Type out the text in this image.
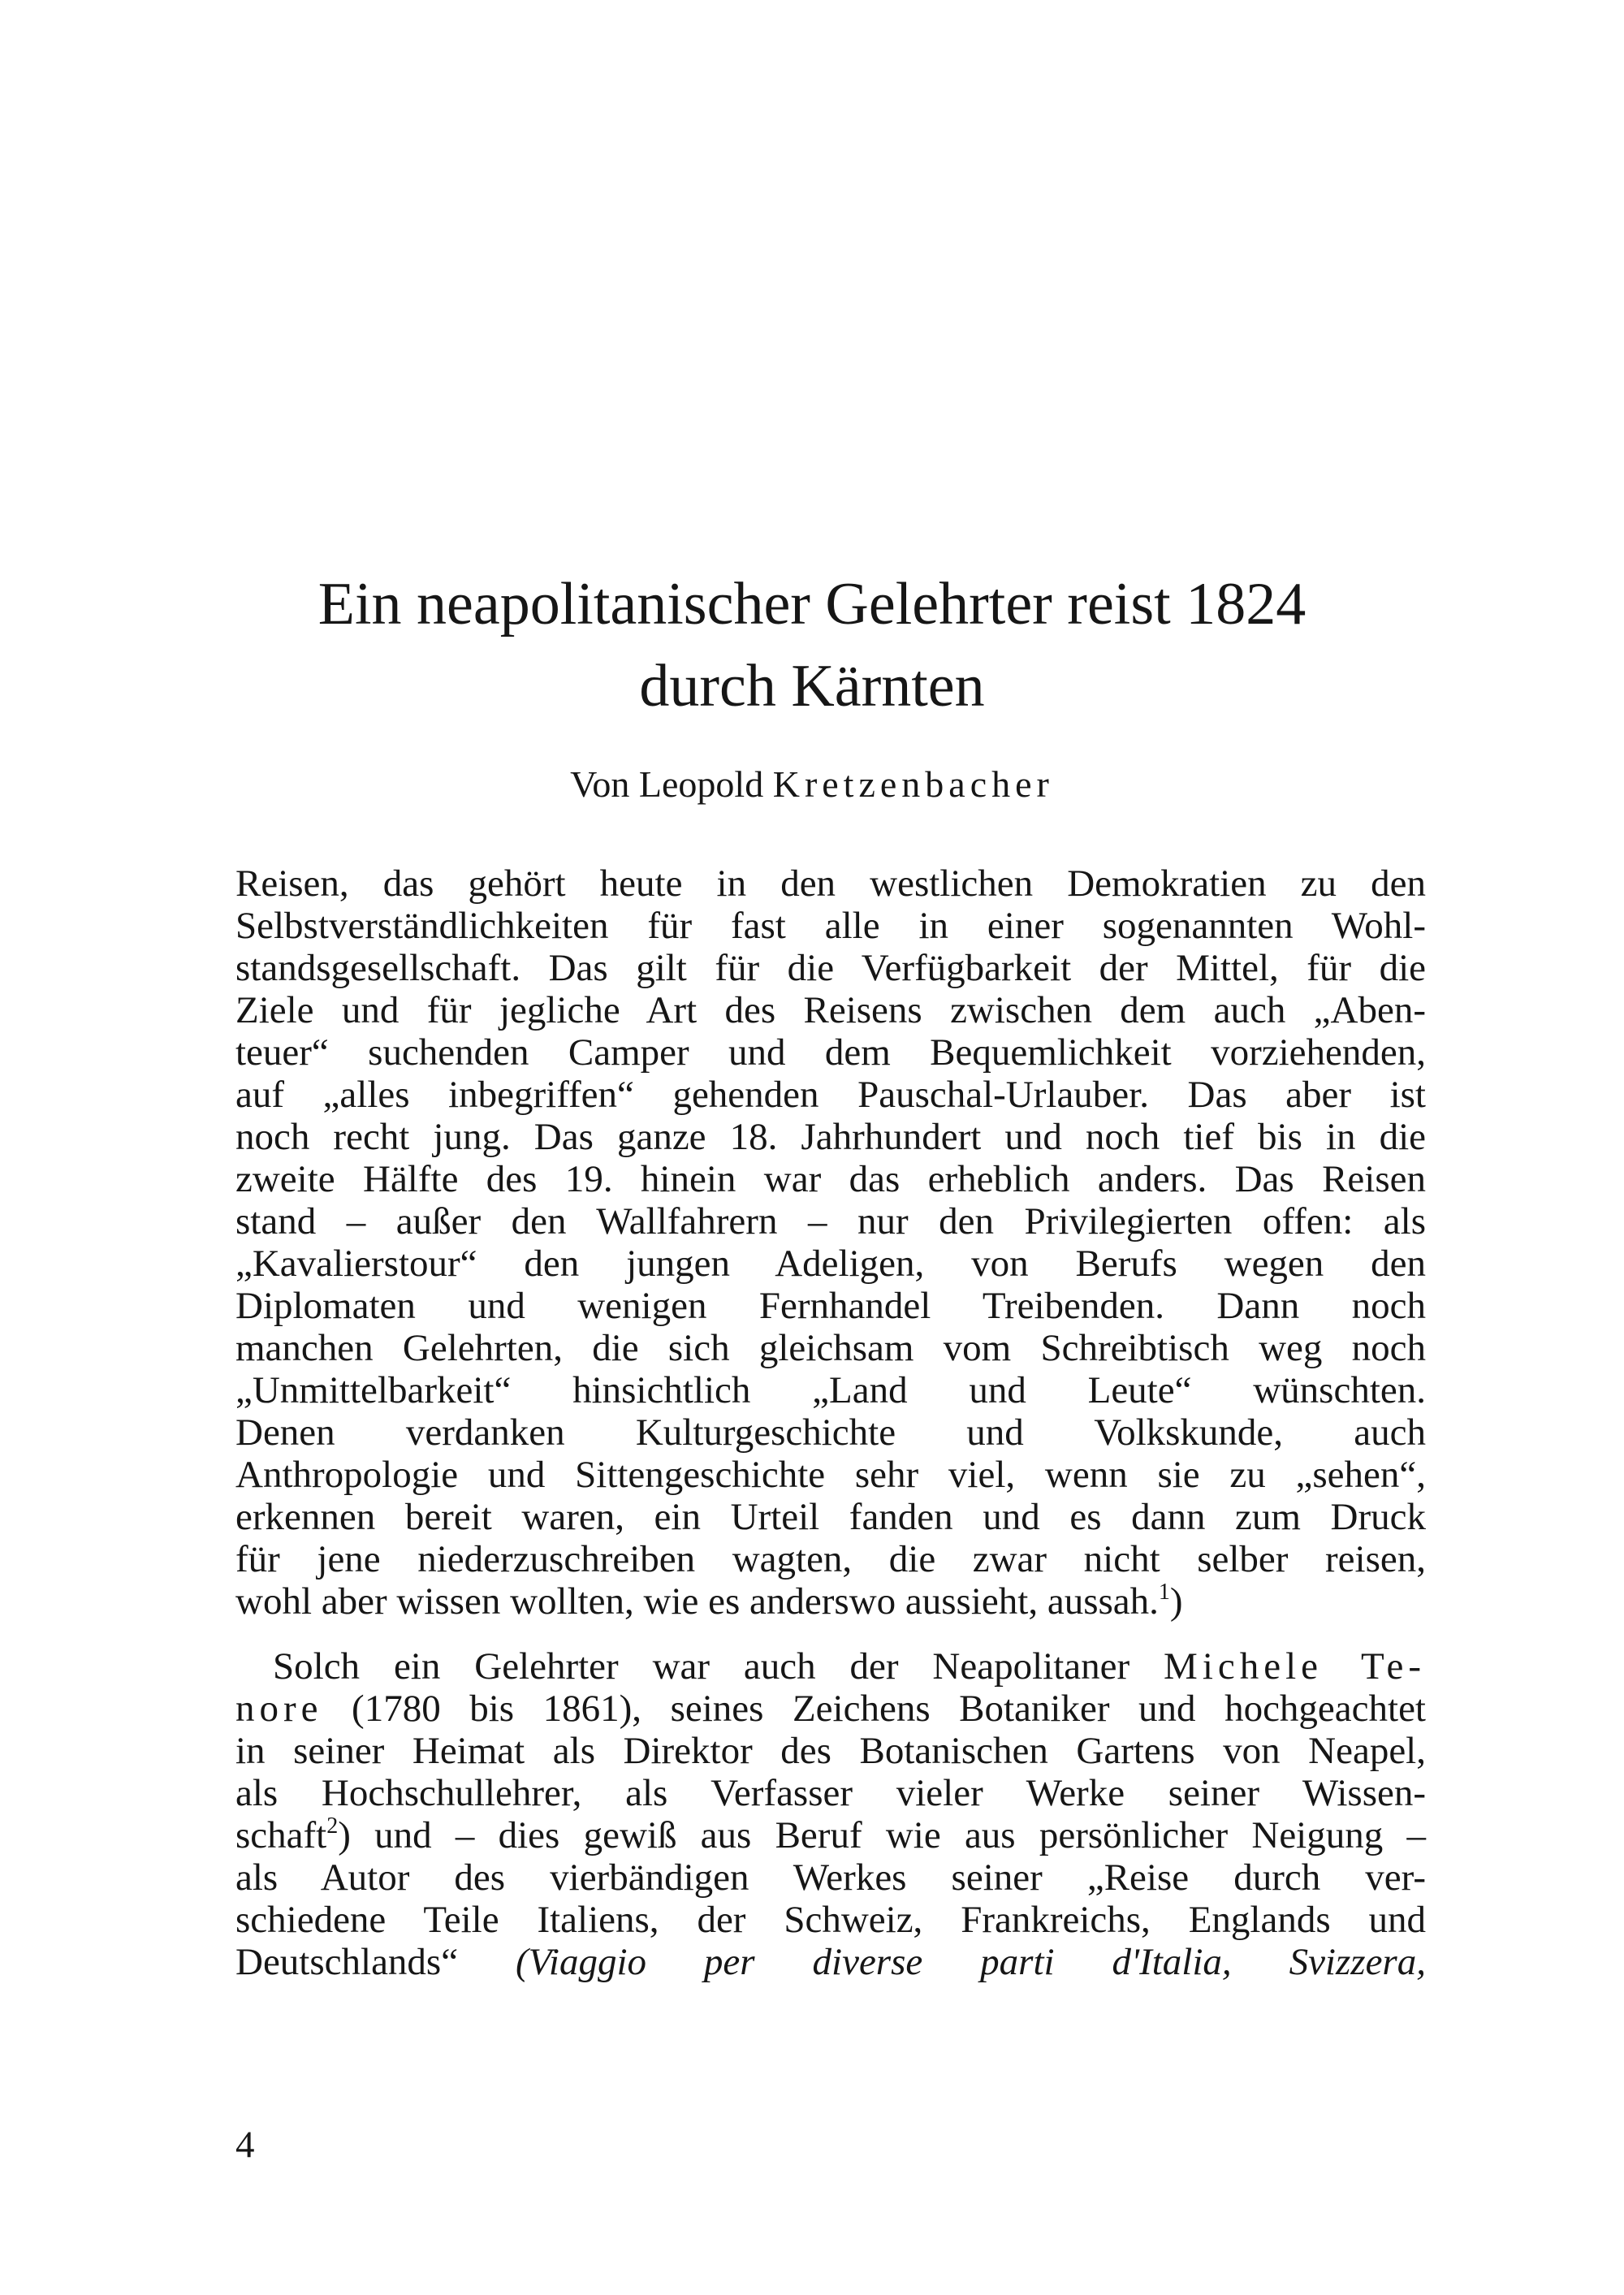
Ein neapolitanischer Gelehrter reist 1824
durch Kärnten
Von Leopold Kretzenbacher
Reisen, das gehört heute in den westlichen Demokratien zu den
Selbstverständlichkeiten für fast alle in einer sogenannten Wohl-
standsgesellschaft. Das gilt für die Verfügbarkeit der Mittel, für die
Ziele und für jegliche Art des Reisens zwischen dem auch „Aben-
teuer“ suchenden Camper und dem Bequemlichkeit vorziehenden,
auf „alles inbegriffen“ gehenden Pauschal-Urlauber. Das aber ist
noch recht jung. Das ganze 18. Jahrhundert und noch tief bis in die
zweite Hälfte des 19. hinein war das erheblich anders. Das Reisen
stand – außer den Wallfahrern – nur den Privilegierten offen: als
„Kavalierstour“ den jungen Adeligen, von Berufs wegen den
Diplomaten und wenigen Fernhandel Treibenden. Dann noch
manchen Gelehrten, die sich gleichsam vom Schreibtisch weg noch
„Unmittelbarkeit“ hinsichtlich „Land und Leute“ wünschten.
Denen verdanken Kulturgeschichte und Volkskunde, auch
Anthropologie und Sittengeschichte sehr viel, wenn sie zu „sehen“,
erkennen bereit waren, ein Urteil fanden und es dann zum Druck
für jene niederzuschreiben wagten, die zwar nicht selber reisen,
wohl aber wissen wollten, wie es anderswo aussieht, aussah.$^1$)
Solch ein Gelehrter war auch der Neapolitaner Michele Te-
nore (1780 bis 1861), seines Zeichens Botaniker und hochgeachtet
in seiner Heimat als Direktor des Botanischen Gartens von Neapel,
als Hochschullehrer, als Verfasser vieler Werke seiner Wissen-
schaft$^2$) und – dies gewiß aus Beruf wie aus persönlicher Neigung –
als Autor des vierbändigen Werkes seiner „Reise durch ver-
schiedene Teile Italiens, der Schweiz, Frankreichs, Englands und
Deutschlands“ (Viaggio per diverse parti d'Italia, Svizzera,
4
